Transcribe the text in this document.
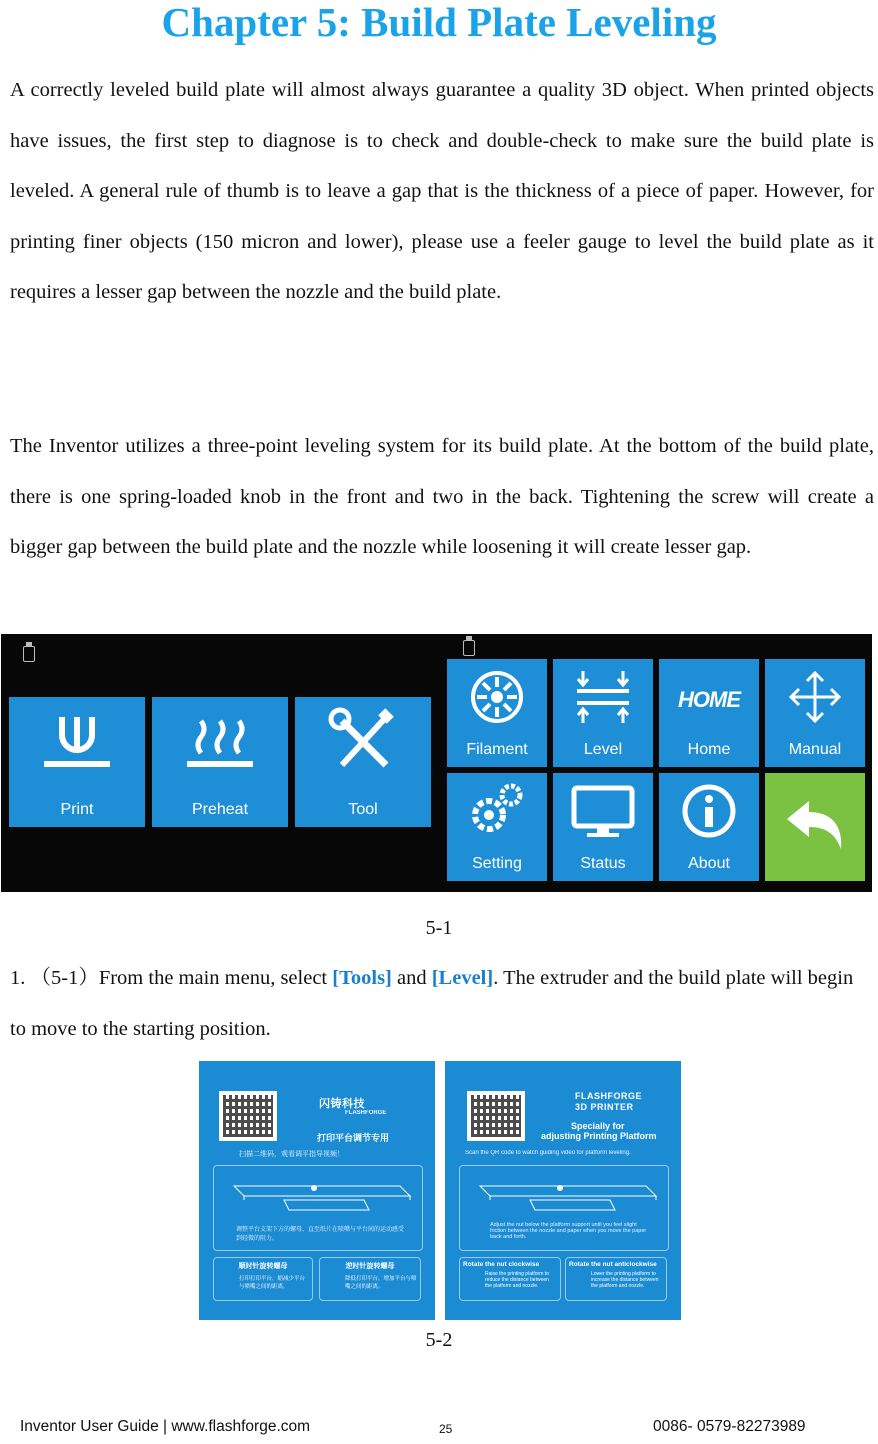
Chapter 5: Build Plate Leveling

A correctly leveled build plate will almost always guarantee a quality 3D object. When printed objects have issues, the first step to diagnose is to check and double-check to make sure the build plate is leveled. A general rule of thumb is to leave a gap that is the thickness of a piece of paper. However, for printing finer objects (150 micron and lower), please use a feeler gauge to level the build plate as it requires a lesser gap between the nozzle and the build plate.

The Inventor utilizes a three-point leveling system for its build plate. At the bottom of the build plate, there is one spring-loaded knob in the front and two in the back. Tightening the screw will create a bigger gap between the build plate and the nozzle while loosening it will create lesser gap.

Print	Preheat	Tool
Filament	Level
HOME
Home	Manual
Setting	Status	About
5-1

1. （5-1）From the main menu, select [Tools] and [Level]. The extruder and the build plate will begin to move to the starting position.

闪铸科技
FLASHFORGE
打印平台调节专用
扫描二维码，观看调平指导视频！
调整平台支架下方的螺母，直至纸片在喷嘴与平台间的运动感受到轻微的阻力。
顺时针旋转螺母
打印打印平台，缩减少平台与喷嘴之间的距离。
逆时针旋转螺母
降低打印平台，增加平台与喷嘴之间的距离。
FLASHFORGE
3D PRINTER
Specially for
adjusting Printing Platform
Scan the QR code to watch guiding video for platform leveling.
Adjust the nut below the platform support until you feel slight friction between the nozzle and paper when you move the paper back and forth.
Rotate the nut clockwise
Raise the printing platform to reduce the distance between the platform and nozzle.
Rotate the nut anticlockwise
Lower the printing platform to increase the distance between the platform and nozzle.
5-2
Inventor User Guide | www.flashforge.com	25	0086- 0579-82273989
